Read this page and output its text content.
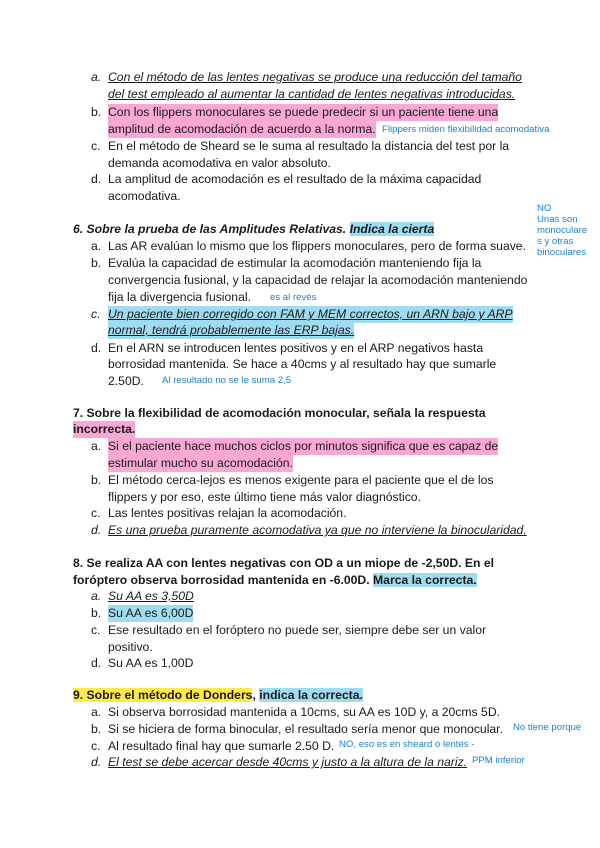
a. Con el método de las lentes negativas se produce una reducción del tamaño
del test empleado al aumentar la cantidad de lentes negativas introducidas.
b. Con los flippers monoculares se puede predecir si un paciente tiene una
amplitud de acomodación de acuerdo a la norma. Flippers miden flexibilidad acomodativa
c. En el método de Sheard se le suma al resultado la distancia del test por la
demanda acomodativa en valor absoluto.
d. La amplitud de acomodación es el resultado de la máxima capacidad
acomodativa.
NO
Unas son
monoculare
s y otras
binoculares
6. Sobre la prueba de las Amplitudes Relativas. Indica la cierta
a. Las AR evalúan lo mismo que los flippers monoculares, pero de forma suave.
b. Evalúa la capacidad de estimular la acomodación manteniendo fija la
convergencia fusional, y la capacidad de relajar la acomodación manteniendo
fija la divergencia fusional. es al revés
c. Un paciente bien corregido con FAM y MEM correctos, un ARN bajo y ARP
normal, tendrá probablemente las ERP bajas.
d. En el ARN se introducen lentes positivos y en el ARP negativos hasta
borrosidad mantenida. Se hace a 40cms y al resultado hay que sumarle
2.50D. Al resultado no se le suma 2,5
7. Sobre la flexibilidad de acomodación monocular, señala la respuesta
incorrecta.
a. Si el paciente hace muchos ciclos por minutos significa que es capaz de
estimular mucho su acomodación.
b. El método cerca-lejos es menos exigente para el paciente que el de los
flippers y por eso, este último tiene más valor diagnóstico.
c. Las lentes positivas relajan la acomodación.
d. Es una prueba puramente acomodativa ya que no interviene la binocularidad.
8. Se realiza AA con lentes negativas con OD a un miope de -2,50D. En el
foróptero observa borrosidad mantenida en -6.00D. Marca la correcta.
a. Su AA es 3,50D
b. Su AA es 6,00D
c. Ese resultado en el foróptero no puede ser, siempre debe ser un valor
positivo.
d. Su AA es 1,00D
9. Sobre el método de Donders, indica la correcta.
a. Si observa borrosidad mantenida a 10cms, su AA es 10D y, a 20cms 5D.
b. Si se hiciera de forma binocular, el resultado sería menor que monocular. No tiene porque
c. Al resultado final hay que sumarle 2.50 D. NO, eso es en sheard o lentes -
d. El test se debe acercar desde 40cms y justo a la altura de la nariz. PPM inferior
